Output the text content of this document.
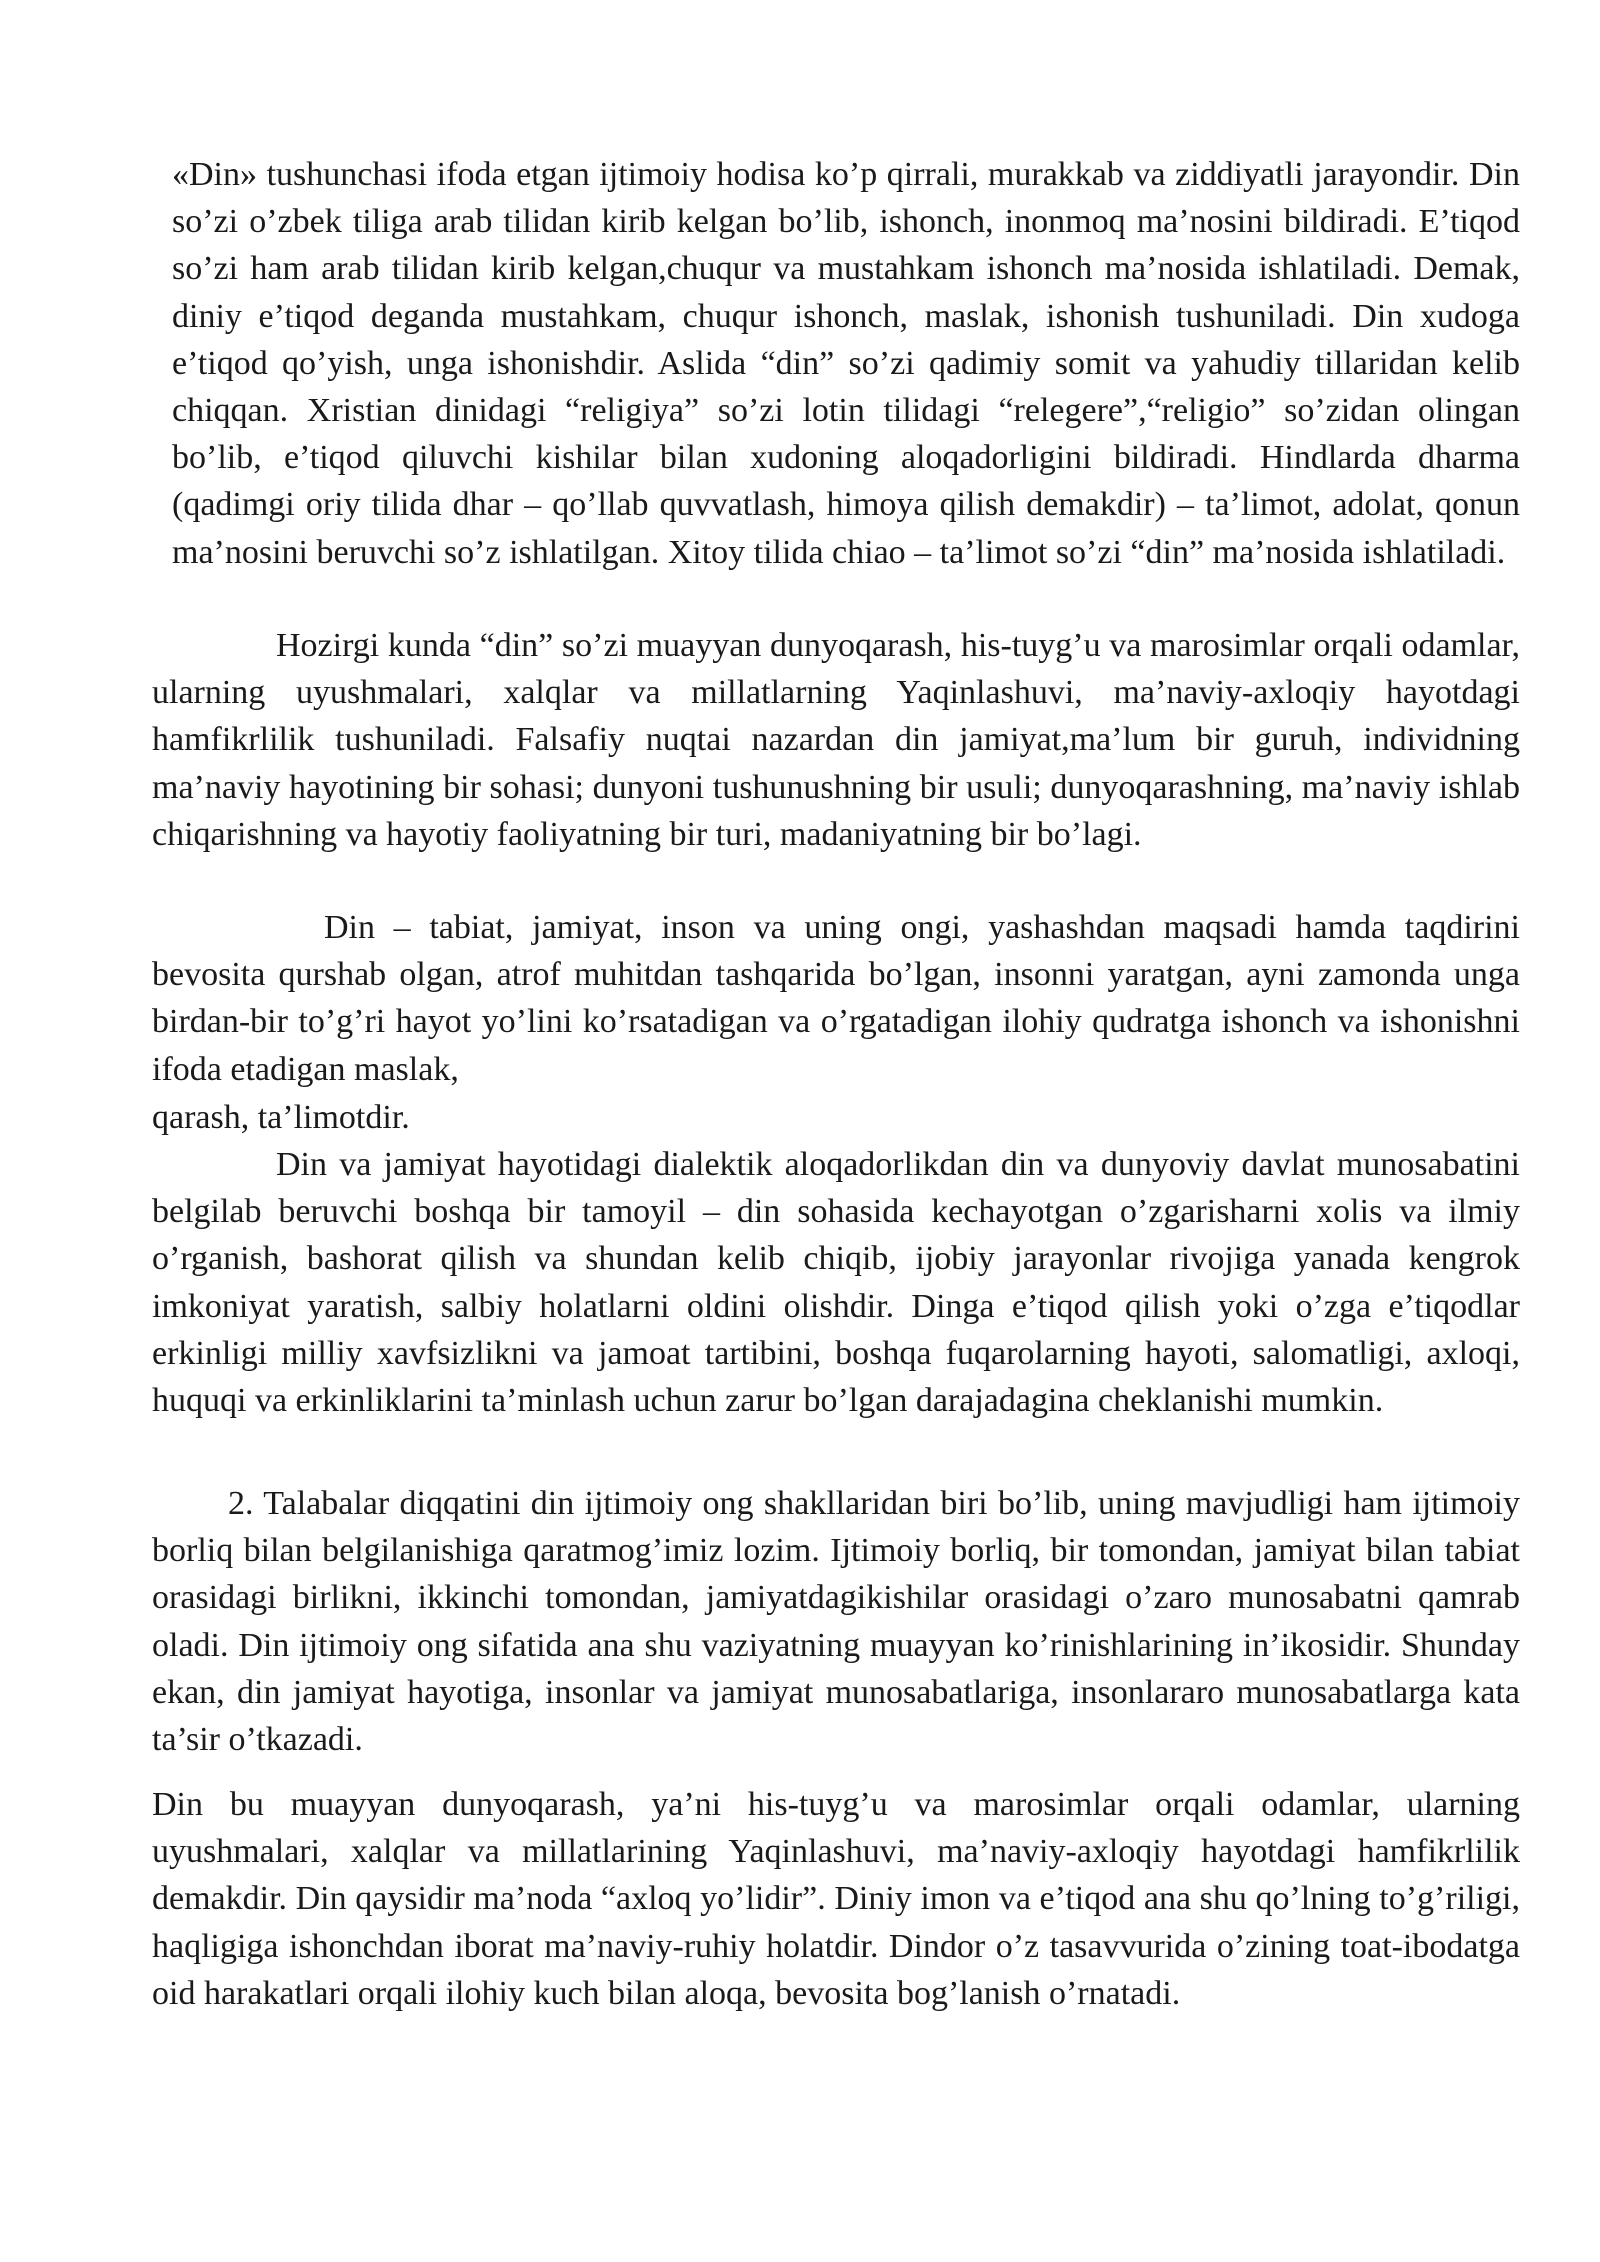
«Din» tushunchasi ifoda etgan ijtimoiy hodisa ko’p qirrali, murakkab va ziddiyatli jarayondir. Din so’zi o’zbek tiliga arab tilidan kirib kelgan bo’lib, ishonch, inonmoq ma’nosini bildiradi. E’tiqod so’zi ham arab tilidan kirib kelgan,chuqur va mustahkam ishonch ma’nosida ishlatiladi. Demak, diniy e’tiqod deganda mustahkam, chuqur ishonch, maslak, ishonish tushuniladi. Din xudoga e’tiqod qo’yish, unga ishonishdir. Aslida “din” so’zi qadimiy somit va yahudiy tillaridan kelib chiqqan. Xristian dinidagi “religiya” so’zi lotin tilidagi “relegere”,“religio” so’zidan olingan bo’lib, e’tiqod qiluvchi kishilar bilan xudoning aloqadorligini bildiradi. Hindlarda dharma (qadimgi oriy tilida dhar – qo’llab quvvatlash, himoya qilish demakdir) – ta’limot, adolat, qonun ma’nosini beruvchi so’z ishlatilgan. Xitoy tilida chiao – ta’limot so’zi “din” ma’nosida ishlatiladi.

Hozirgi kunda “din” so’zi muayyan dunyoqarash, his-tuyg’u va marosimlar orqali odamlar, ularning uyushmalari, xalqlar va millatlarning Yaqinlashuvi, ma’naviy-axloqiy hayotdagi hamfikrlilik tushuniladi. Falsafiy nuqtai nazardan din jamiyat,ma’lum bir guruh, individning ma’naviy hayotining bir sohasi; dunyoni tushunushning bir usuli; dunyoqarashning, ma’naviy ishlab chiqarishning va hayotiy faoliyatning bir turi, madaniyatning bir bo’lagi.

Din – tabiat, jamiyat, inson va uning ongi, yashashdan maqsadi hamda taqdirini bevosita qurshab olgan, atrof muhitdan tashqarida bo’lgan, insonni yaratgan, ayni zamonda unga birdan-bir to’g’ri hayot yo’lini ko’rsatadigan va o’rgatadigan ilohiy qudratga ishonch va ishonishni ifoda etadigan maslak,

qarash, ta’limotdir.

Din va jamiyat hayotidagi dialektik aloqadorlikdan din va dunyoviy davlat munosabatini belgilab beruvchi boshqa bir tamoyil – din sohasida kechayotgan o’zgarisharni xolis va ilmiy o’rganish, bashorat qilish va shundan kelib chiqib, ijobiy jarayonlar rivojiga yanada kengrok imkoniyat yaratish, salbiy holatlarni oldini olishdir. Dinga e’tiqod qilish yoki o’zga e’tiqodlar erkinligi milliy xavfsizlikni va jamoat tartibini, boshqa fuqarolarning hayoti, salomatligi, axloqi, huquqi va erkinliklarini ta’minlash uchun zarur bo’lgan darajadagina cheklanishi mumkin.

2. Talabalar diqqatini din ijtimoiy ong shakllaridan biri bo’lib, uning mavjudligi ham ijtimoiy borliq bilan belgilanishiga qaratmog’imiz lozim. Ijtimoiy borliq, bir tomondan, jamiyat bilan tabiat orasidagi birlikni, ikkinchi tomondan, jamiyatdagikishilar orasidagi o’zaro munosabatni qamrab oladi. Din ijtimoiy ong sifatida ana shu vaziyatning muayyan ko’rinishlarining in’ikosidir. Shunday ekan, din jamiyat hayotiga, insonlar va jamiyat munosabatlariga, insonlararo munosabatlarga kata ta’sir o’tkazadi.

Din bu muayyan dunyoqarash, ya’ni his-tuyg’u va marosimlar orqali odamlar, ularning uyushmalari, xalqlar va millatlarining Yaqinlashuvi, ma’naviy-axloqiy hayotdagi hamfikrlilik demakdir. Din qaysidir ma’noda “axloq yo’lidir”. Diniy imon va e’tiqod ana shu qo’lning to’g’riligi, haqligiga ishonchdan iborat ma’naviy-ruhiy holatdir. Dindor o’z tasavvurida o’zining toat-ibodatga oid harakatlari orqali ilohiy kuch bilan aloqa, bevosita bog’lanish o’rnatadi.
